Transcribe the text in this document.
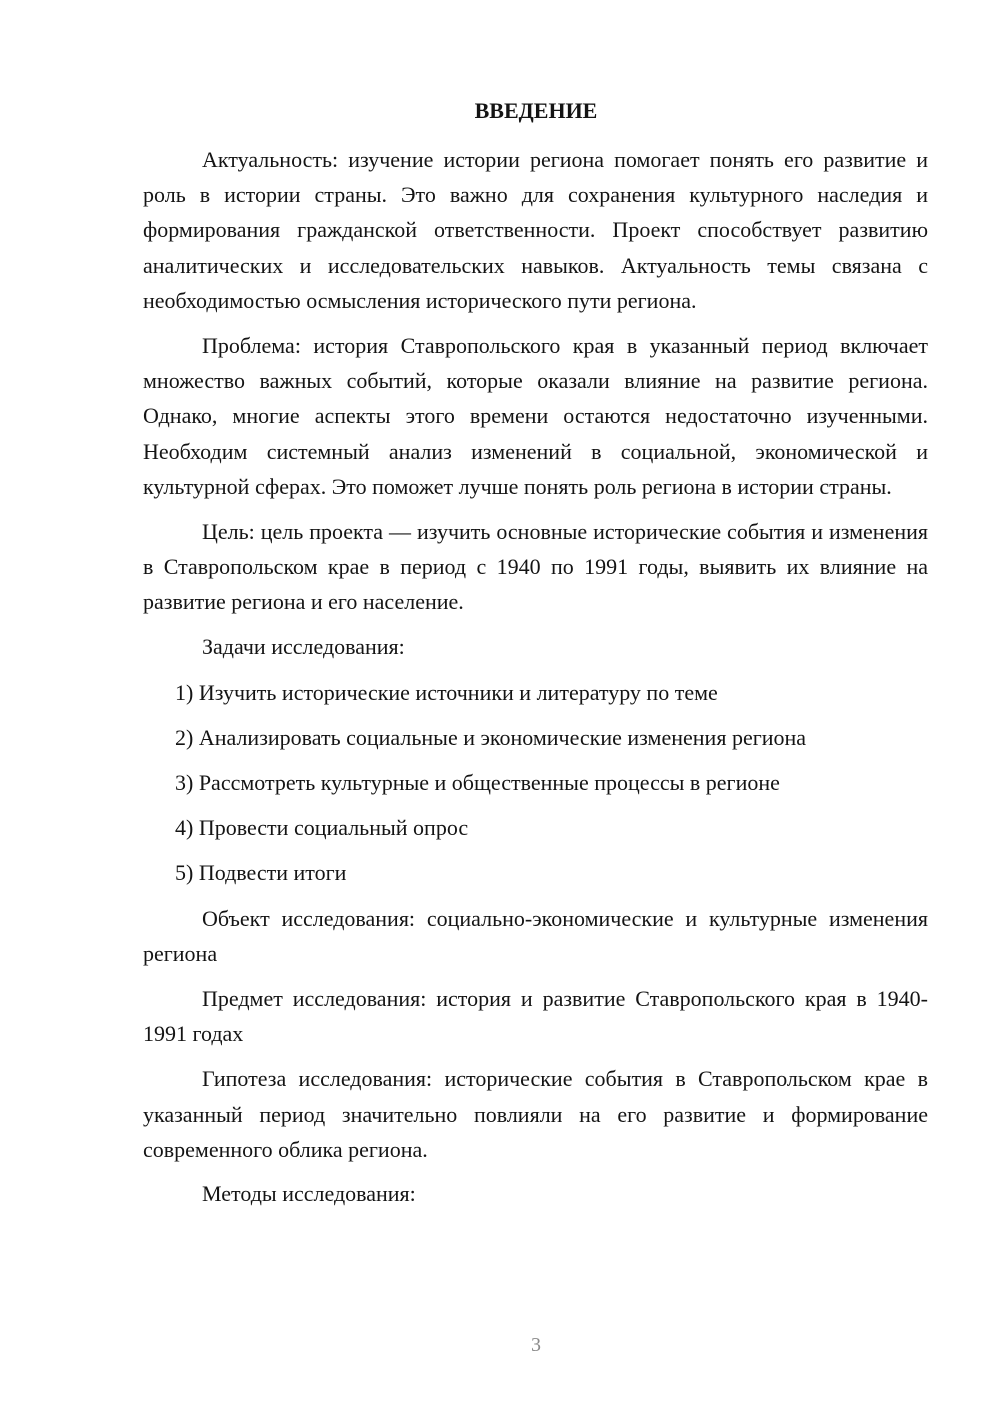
ВВЕДЕНИЕ

Актуальность: изучение истории региона помогает понять его развитие и роль в истории страны. Это важно для сохранения культурного наследия и формирования гражданской ответственности. Проект способствует развитию аналитических и исследовательских навыков. Актуальность темы связана с необходимостью осмысления исторического пути региона.

Проблема: история Ставропольского края в указанный период включает множество важных событий, которые оказали влияние на развитие региона. Однако, многие аспекты этого времени остаются недостаточно изученными. Необходим системный анализ изменений в социальной, экономической и культурной сферах. Это поможет лучше понять роль региона в истории страны.

Цель: цель проекта — изучить основные исторические события и изменения в Ставропольском крае в период с 1940 по 1991 годы, выявить их влияние на развитие региона и его население.

Задачи исследования:

1) Изучить исторические источники и литературу по теме

2) Анализировать социальные и экономические изменения региона

3) Рассмотреть культурные и общественные процессы в регионе

4) Провести социальный опрос

5) Подвести итоги

Объект исследования: социально-экономические и культурные изменения региона

Предмет исследования: история и развитие Ставропольского края в 1940-1991 годах

Гипотеза исследования: исторические события в Ставропольском крае в указанный период значительно повлияли на его развитие и формирование современного облика региона.

Методы исследования:

3
